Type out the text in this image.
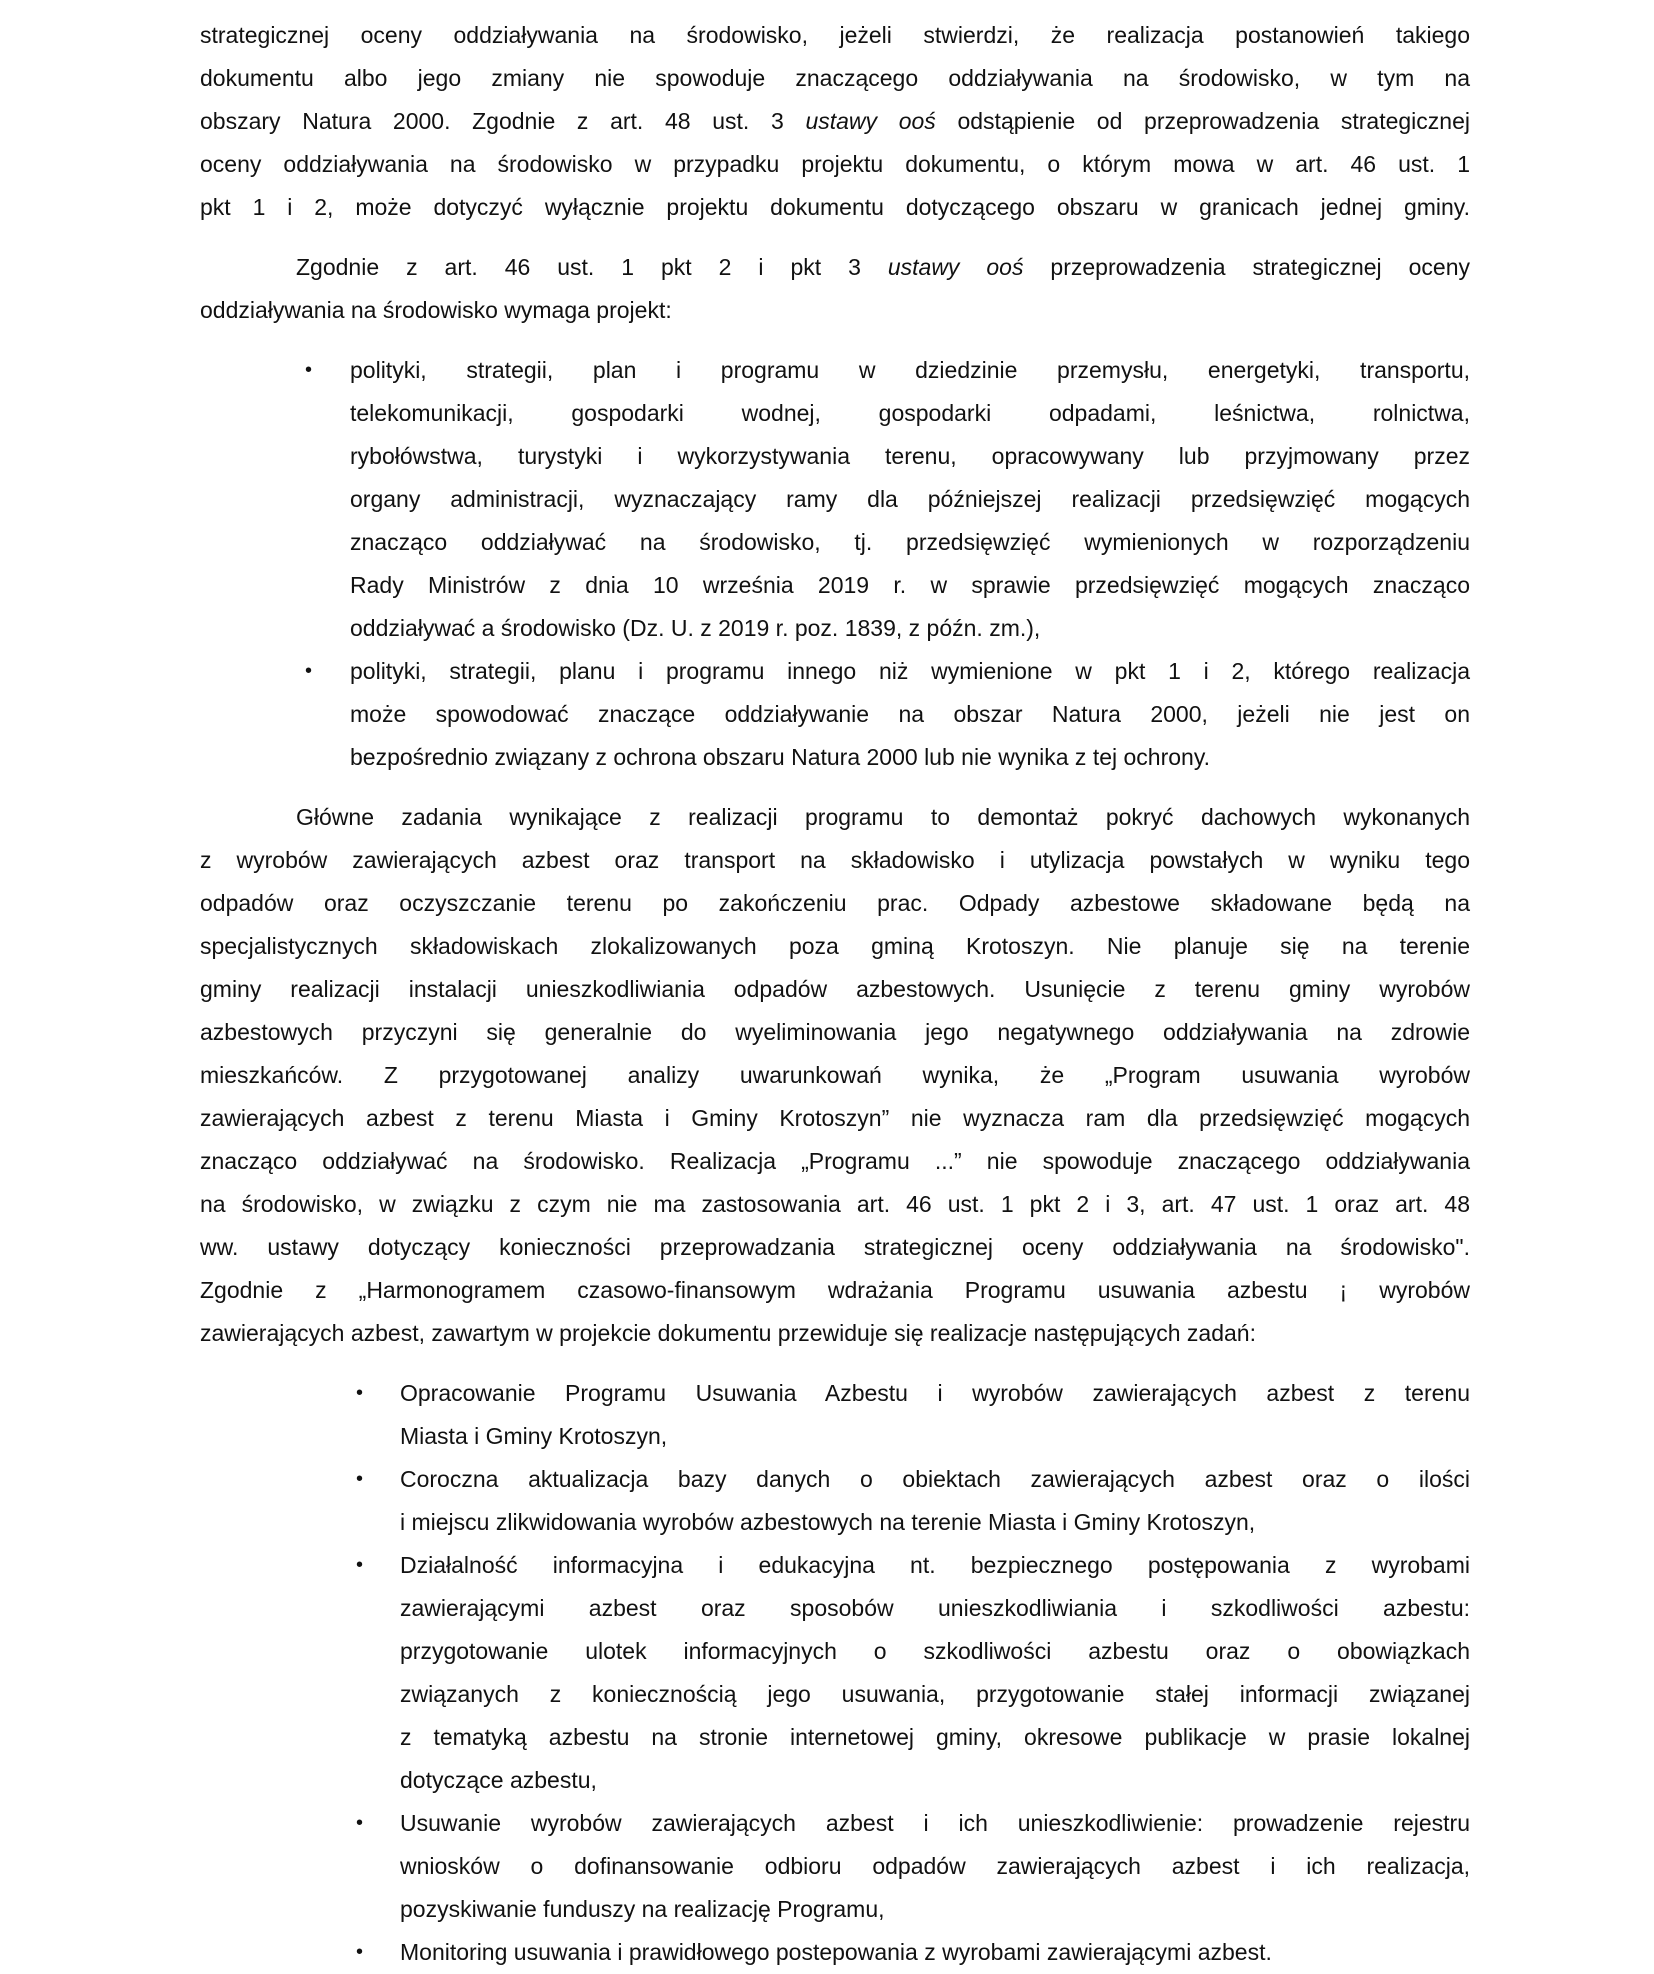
strategicznej oceny oddziaływania na środowisko, jeżeli stwierdzi, że realizacja postanowień takiego
dokumentu albo jego zmiany nie spowoduje znaczącego oddziaływania na środowisko, w tym na
obszary Natura 2000. Zgodnie z art. 48 ust. 3 ustawy ooś odstąpienie od przeprowadzenia strategicznej
oceny oddziaływania na środowisko w przypadku projektu dokumentu, o którym mowa w art. 46 ust. 1
pkt 1 i 2, może dotyczyć wyłącznie projektu dokumentu dotyczącego obszaru w granicach jednej gminy.
Zgodnie z art. 46 ust. 1 pkt 2 i pkt 3 ustawy ooś przeprowadzenia strategicznej oceny
oddziaływania na środowisko wymaga projekt:
• polityki, strategii, plan i programu w dziedzinie przemysłu, energetyki, transportu,
telekomunikacji, gospodarki wodnej, gospodarki odpadami, leśnictwa, rolnictwa,
rybołówstwa, turystyki i wykorzystywania terenu, opracowywany lub przyjmowany przez
organy administracji, wyznaczający ramy dla późniejszej realizacji przedsięwzięć mogących
znacząco oddziaływać na środowisko, tj. przedsięwzięć wymienionych w rozporządzeniu
Rady Ministrów z dnia 10 września 2019 r. w sprawie przedsięwzięć mogących znacząco
oddziaływać a środowisko (Dz. U. z 2019 r. poz. 1839, z późn. zm.),
• polityki, strategii, planu i programu innego niż wymienione w pkt 1 i 2, którego realizacja
może spowodować znaczące oddziaływanie na obszar Natura 2000, jeżeli nie jest on
bezpośrednio związany z ochrona obszaru Natura 2000 lub nie wynika z tej ochrony.
Główne zadania wynikające z realizacji programu to demontaż pokryć dachowych wykonanych
z wyrobów zawierających azbest oraz transport na składowisko i utylizacja powstałych w wyniku tego
odpadów oraz oczyszczanie terenu po zakończeniu prac. Odpady azbestowe składowane będą na
specjalistycznych składowiskach zlokalizowanych poza gminą Krotoszyn. Nie planuje się na terenie
gminy realizacji instalacji unieszkodliwiania odpadów azbestowych. Usunięcie z terenu gminy wyrobów
azbestowych przyczyni się generalnie do wyeliminowania jego negatywnego oddziaływania na zdrowie
mieszkańców. Z przygotowanej analizy uwarunkowań wynika, że „Program usuwania wyrobów
zawierających azbest z terenu Miasta i Gminy Krotoszyn” nie wyznacza ram dla przedsięwzięć mogących
znacząco oddziaływać na środowisko. Realizacja „Programu ...” nie spowoduje znaczącego oddziaływania
na środowisko, w związku z czym nie ma zastosowania art. 46 ust. 1 pkt 2 i 3, art. 47 ust. 1 oraz art. 48
ww. ustawy dotyczący konieczności przeprowadzania strategicznej oceny oddziaływania na środowisko".
Zgodnie z „Harmonogramem czasowo-finansowym wdrażania Programu usuwania azbestu ¡ wyrobów
zawierających azbest, zawartym w projekcie dokumentu przewiduje się realizacje następujących zadań:
• Opracowanie Programu Usuwania Azbestu i wyrobów zawierających azbest z terenu
Miasta i Gminy Krotoszyn,
• Coroczna aktualizacja bazy danych o obiektach zawierających azbest oraz o ilości
i miejscu zlikwidowania wyrobów azbestowych na terenie Miasta i Gminy Krotoszyn,
• Działalność informacyjna i edukacyjna nt. bezpiecznego postępowania z wyrobami
zawierającymi azbest oraz sposobów unieszkodliwiania i szkodliwości azbestu:
przygotowanie ulotek informacyjnych o szkodliwości azbestu oraz o obowiązkach
związanych z koniecznością jego usuwania, przygotowanie stałej informacji związanej
z tematyką azbestu na stronie internetowej gminy, okresowe publikacje w prasie lokalnej
dotyczące azbestu,
• Usuwanie wyrobów zawierających azbest i ich unieszkodliwienie: prowadzenie rejestru
wniosków o dofinansowanie odbioru odpadów zawierających azbest i ich realizacja,
pozyskiwanie funduszy na realizację Programu,
• Monitoring usuwania i prawidłowego postepowania z wyrobami zawierającymi azbest.
